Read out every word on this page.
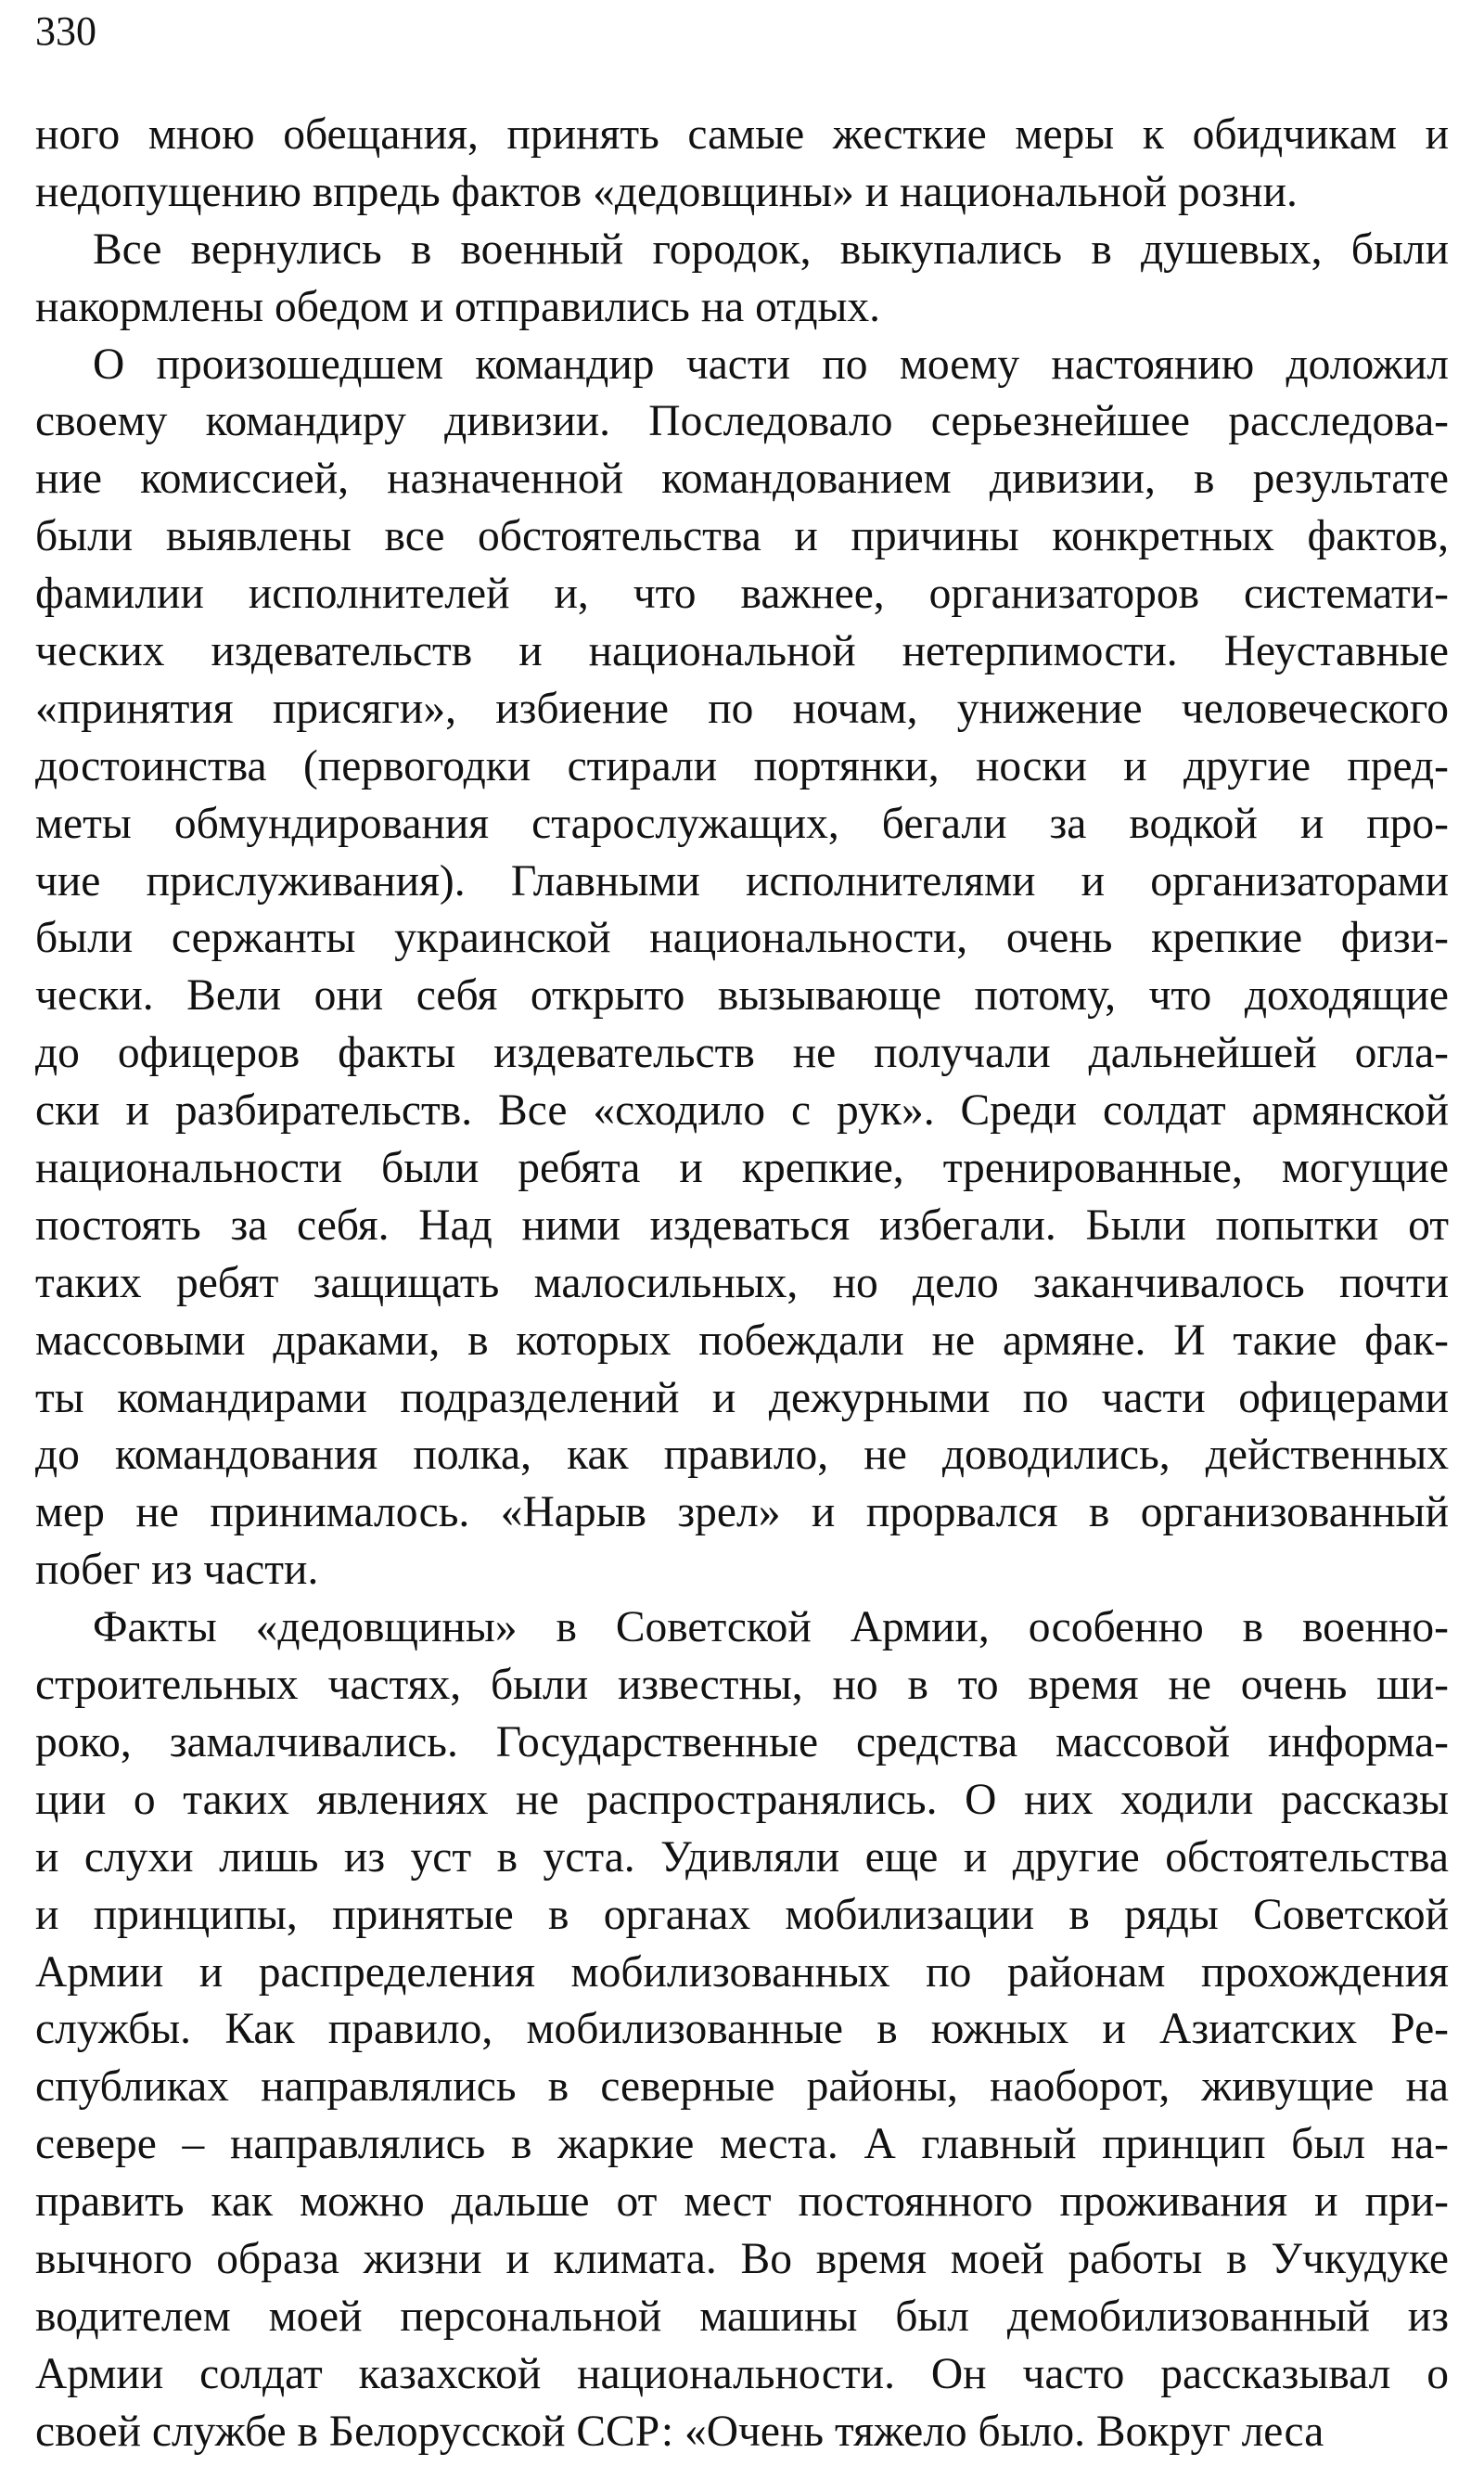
330
ного мною обещания, принять самые жесткие меры к обидчикам и
недопущению впредь фактов «дедовщины» и национальной розни.
Все вернулись в военный городок, выкупались в душевых, были
накормлены обедом и отправились на отдых.
О произошедшем командир части по моему настоянию доложил
своему командиру дивизии. Последовало серьезнейшее расследова-
ние комиссией, назначенной командованием дивизии, в результате
были выявлены все обстоятельства и причины конкретных фактов,
фамилии исполнителей и, что важнее, организаторов системати-
ческих издевательств и национальной нетерпимости. Неуставные
«принятия присяги», избиение по ночам, унижение человеческого
достоинства (первогодки стирали портянки, носки и другие пред-
меты обмундирования старослужащих, бегали за водкой и про-
чие прислуживания). Главными исполнителями и организаторами
были сержанты украинской национальности, очень крепкие физи-
чески. Вели они себя открыто вызывающе потому, что доходящие
до офицеров факты издевательств не получали дальнейшей огла-
ски и разбирательств. Все «сходило с рук». Среди солдат армянской
национальности были ребята и крепкие, тренированные, могущие
постоять за себя. Над ними издеваться избегали. Были попытки от
таких ребят защищать малосильных, но дело заканчивалось почти
массовыми драками, в которых побеждали не армяне. И такие фак-
ты командирами подразделений и дежурными по части офицерами
до командования полка, как правило, не доводились, действенных
мер не принималось. «Нарыв зрел» и прорвался в организованный
побег из части.
Факты «дедовщины» в Советской Армии, особенно в военно-
строительных частях, были известны, но в то время не очень ши-
роко, замалчивались. Государственные средства массовой информа-
ции о таких явлениях не распространялись. О них ходили рассказы
и слухи лишь из уст в уста. Удивляли еще и другие обстоятельства
и принципы, принятые в органах мобилизации в ряды Советской
Армии и распределения мобилизованных по районам прохождения
службы. Как правило, мобилизованные в южных и Азиатских Ре-
спубликах направлялись в северные районы, наоборот, живущие на
севере – направлялись в жаркие места. А главный принцип был на-
править как можно дальше от мест постоянного проживания и при-
вычного образа жизни и климата. Во время моей работы в Учкудуке
водителем моей персональной машины был демобилизованный из
Армии солдат казахской национальности. Он часто рассказывал о
своей службе в Белорусской ССР: «Очень тяжело было. Вокруг леса
